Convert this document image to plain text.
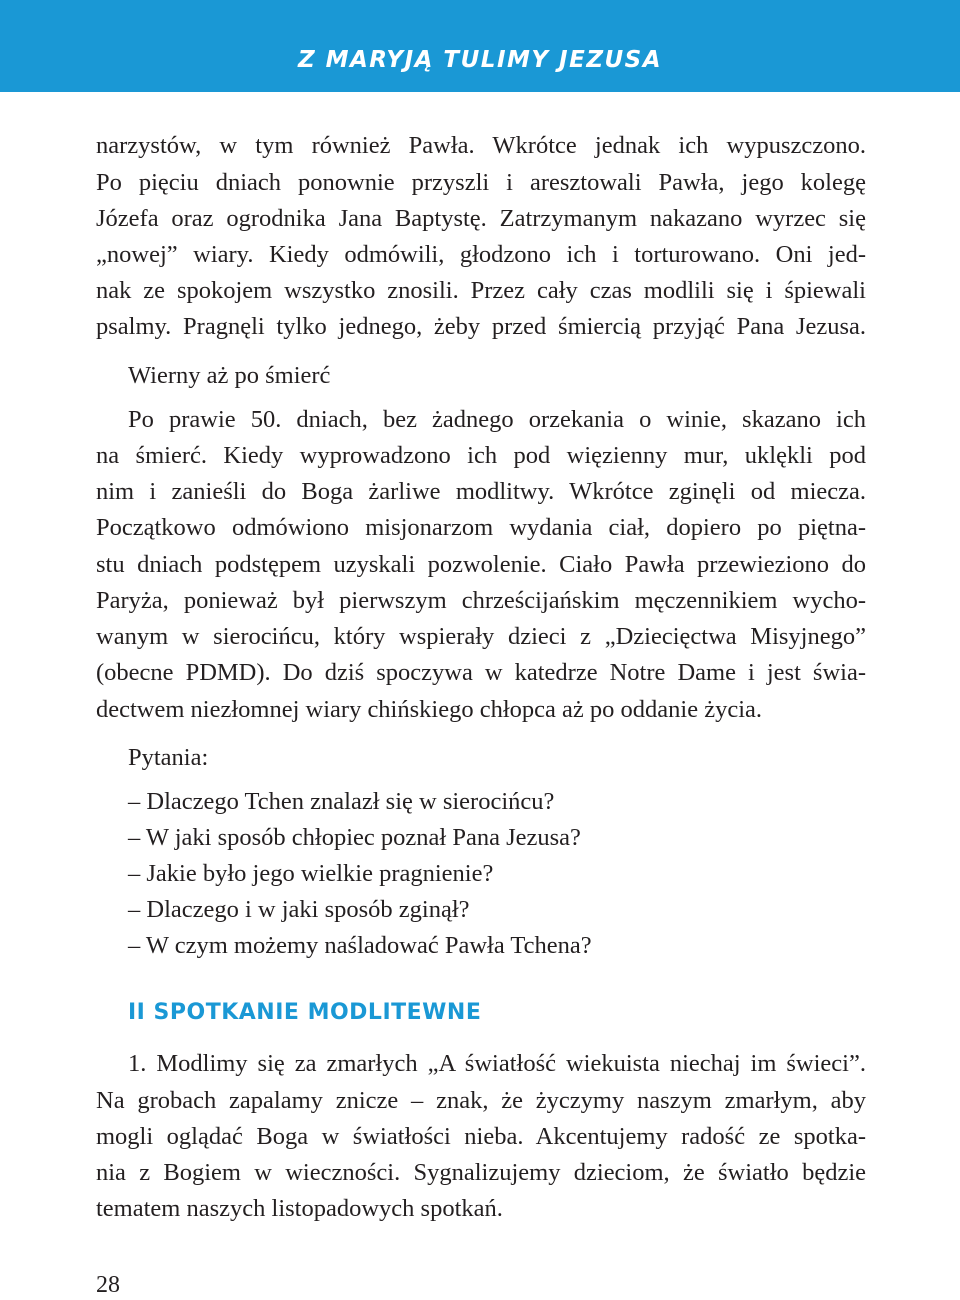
Z MARYJĄ TULIMY JEZUSA
narzystów, w tym również Pawła. Wkrótce jednak ich wypuszczono.
Po pięciu dniach ponownie przyszli i aresztowali Pawła, jego kolegę
Józefa oraz ogrodnika Jana Baptystę. Zatrzymanym nakazano wyrzec się
„nowej” wiary. Kiedy odmówili, głodzono ich i torturowano. Oni jed-
nak ze spokojem wszystko znosili. Przez cały czas modlili się i śpiewali
psalmy. Pragnęli tylko jednego, żeby przed śmiercią przyjąć Pana Jezusa.
Wierny aż po śmierć
Po prawie 50. dniach, bez żadnego orzekania o winie, skazano ich
na śmierć. Kiedy wyprowadzono ich pod więzienny mur, uklękli pod
nim i zanieśli do Boga żarliwe modlitwy. Wkrótce zginęli od miecza.
Początkowo odmówiono misjonarzom wydania ciał, dopiero po piętna-
stu dniach podstępem uzyskali pozwolenie. Ciało Pawła przewieziono do
Paryża, ponieważ był pierwszym chrześcijańskim męczennikiem wycho-
wanym w sierocińcu, który wspierały dzieci z „Dziecięctwa Misyjnego”
(obecne PDMD). Do dziś spoczywa w katedrze Notre Dame i jest świa-
dectwem niezłomnej wiary chińskiego chłopca aż po oddanie życia.
Pytania:
– Dlaczego Tchen znalazł się w sierocińcu?
– W jaki sposób chłopiec poznał Pana Jezusa?
– Jakie było jego wielkie pragnienie?
– Dlaczego i w jaki sposób zginął?
– W czym możemy naśladować Pawła Tchena?
II SPOTKANIE MODLITEWNE
1. Modlimy się za zmarłych „A światłość wiekuista niechaj im świeci”.
Na grobach zapalamy znicze – znak, że życzymy naszym zmarłym, aby
mogli oglądać Boga w światłości nieba. Akcentujemy radość ze spotka-
nia z Bogiem w wieczności. Sygnalizujemy dzieciom, że światło będzie
tematem naszych listopadowych spotkań.
28
